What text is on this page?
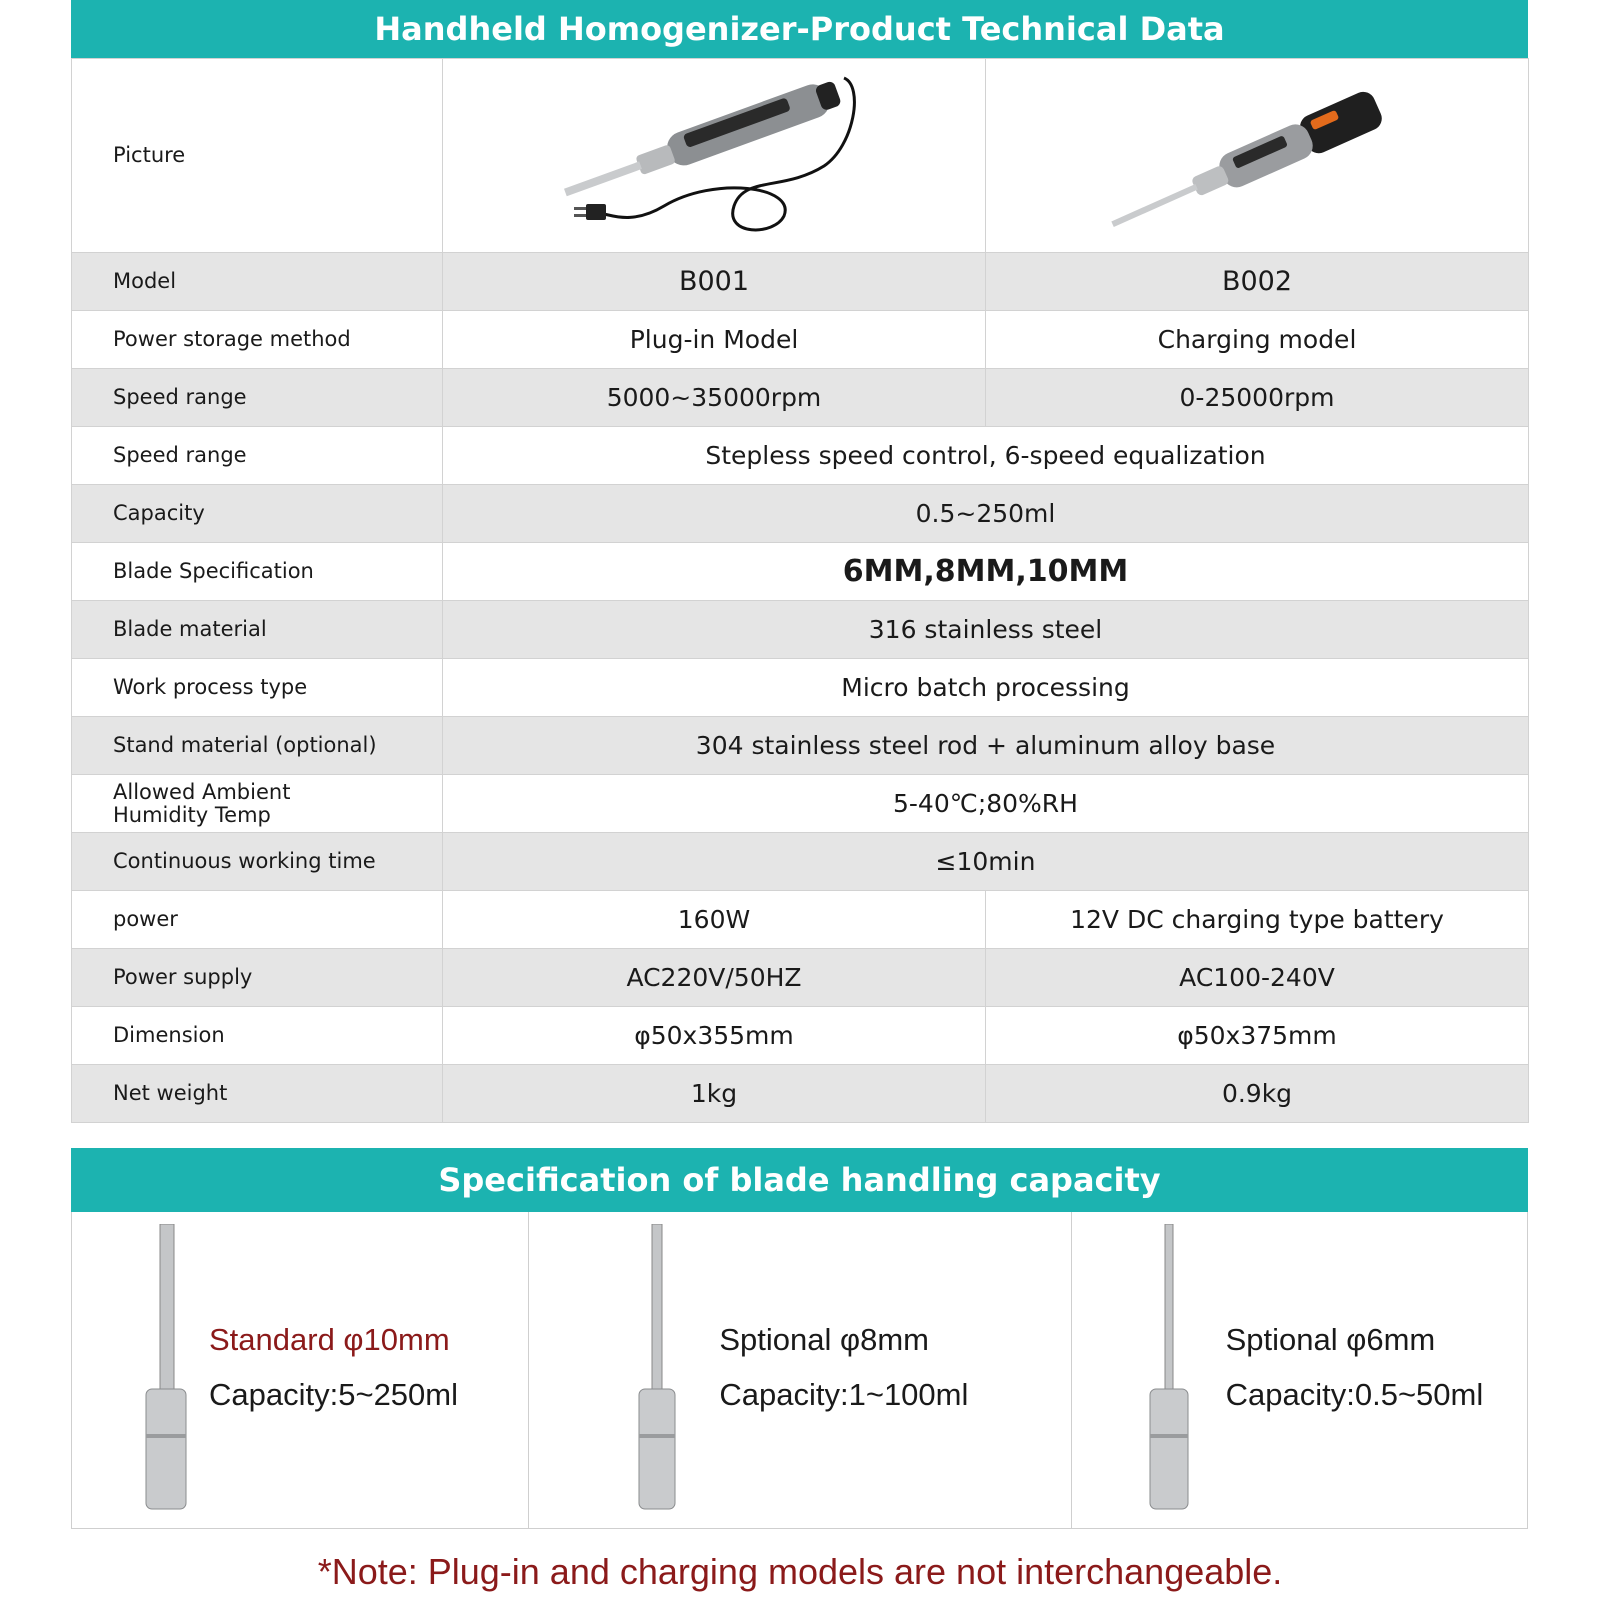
Handheld Homogenizer-Product Technical Data
Picture	

Model	B001	B002
Power storage method	Plug-in Model	Charging model
Speed range	5000~35000rpm	0-25000rpm
Speed range	Stepless speed control, 6-speed equalization	
Capacity	0.5~250ml	
Blade Specification	6MM,8MM,10MM	
Blade material	316 stainless steel	
Work process type	Micro batch processing	
Stand material (optional)	304 stainless steel rod + aluminum alloy base	

Allowed Ambient
Humidity Temp	5-40℃;80%RH	
Continuous working time	≤10min	
power	160W	12V DC charging type battery
Power supply	AC220V/50HZ	AC100-240V
Dimension	φ50x355mm	φ50x375mm
Net weight	1kg	0.9kg
Specification of blade handling capacity
Standard φ10mm
Capacity:5~250ml
Sptional φ8mm
Capacity:1~100ml
Sptional φ6mm
Capacity:0.5~50ml
*Note: Plug-in and charging models are not interchangeable.
